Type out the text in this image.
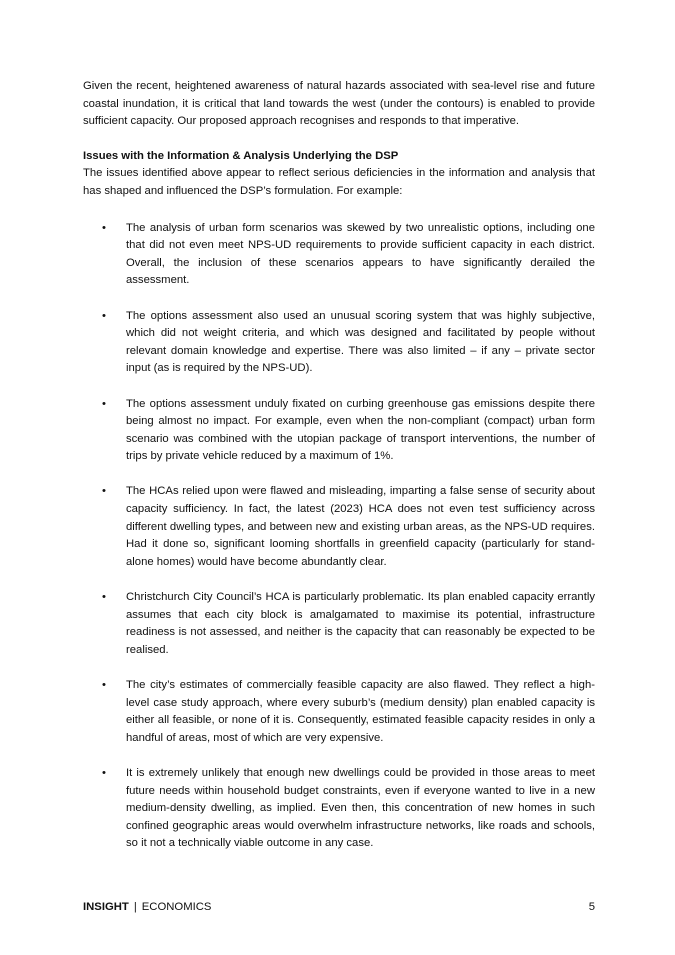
Given the recent, heightened awareness of natural hazards associated with sea-level rise and future coastal inundation, it is critical that land towards the west (under the contours) is enabled to provide sufficient capacity. Our proposed approach recognises and responds to that imperative.

Issues with the Information & Analysis Underlying the DSP

The issues identified above appear to reflect serious deficiencies in the information and analysis that has shaped and influenced the DSP’s formulation. For example:

• The analysis of urban form scenarios was skewed by two unrealistic options, including one that did not even meet NPS-UD requirements to provide sufficient capacity in each district. Overall, the inclusion of these scenarios appears to have significantly derailed the assessment.
• The options assessment also used an unusual scoring system that was highly subjective, which did not weight criteria, and which was designed and facilitated by people without relevant domain knowledge and expertise. There was also limited – if any – private sector input (as is required by the NPS-UD).
• The options assessment unduly fixated on curbing greenhouse gas emissions despite there being almost no impact. For example, even when the non-compliant (compact) urban form scenario was combined with the utopian package of transport interventions, the number of trips by private vehicle reduced by a maximum of 1%.
• The HCAs relied upon were flawed and misleading, imparting a false sense of security about capacity sufficiency. In fact, the latest (2023) HCA does not even test sufficiency across different dwelling types, and between new and existing urban areas, as the NPS-UD requires. Had it done so, significant looming shortfalls in greenfield capacity (particularly for stand-alone homes) would have become abundantly clear.
• Christchurch City Council’s HCA is particularly problematic. Its plan enabled capacity errantly assumes that each city block is amalgamated to maximise its potential, infrastructure readiness is not assessed, and neither is the capacity that can reasonably be expected to be realised.
• The city’s estimates of commercially feasible capacity are also flawed. They reflect a high-level case study approach, where every suburb’s (medium density) plan enabled capacity is either all feasible, or none of it is. Consequently, estimated feasible capacity resides in only a handful of areas, most of which are very expensive.
• It is extremely unlikely that enough new dwellings could be provided in those areas to meet future needs within household budget constraints, even if everyone wanted to live in a new medium-density dwelling, as implied. Even then, this concentration of new homes in such confined geographic areas would overwhelm infrastructure networks, like roads and schools, so it not a technically viable outcome in any case.
INSIGHT | ECONOMICS	5
